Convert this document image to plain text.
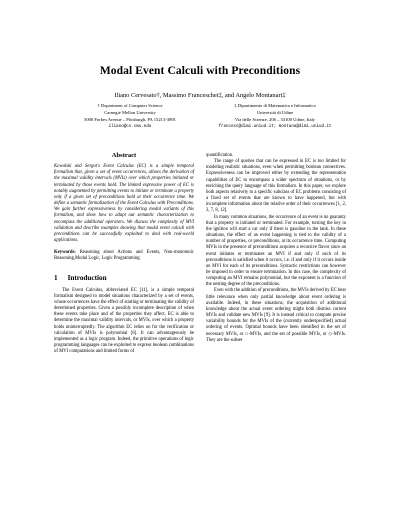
Modal Event Calculi with Preconditions
Iliano Cervesato†, Massimo Franceschet‡, and Angelo Montanari‡
† Department of Computer Science
Carnegie Mellon University
5000 Forbes Avenue – Pittsburgh, PA 15213-3891
iliano@cs.cmu.edu
‡ Dipartimento di Matematica e Informatica
Università di Udine
Via delle Scienze, 206 – 33100 Udine, Italy
francesc@dimi.uniud.it; montana@dimi.uniud.it
Abstract

Kowalski and Sergot's Event Calculus (EC) is a simple temporal formalism that, given a set of event occurrences, allows the derivation of the maximal validity intervals (MVIs) over which properties initiated or terminated by those events hold. The limited expressive power of EC is notably augmented by permitting events to initiate or terminate a property only if a given set of preconditions hold at their occurrence time. We define a semantic formalization of the Event Calculus with Preconditions. We gain further expressiveness by considering modal variants of this formalism, and show how to adapt our semantic characterization to encompass the additional operators. We discuss the complexity of MVI validation and describe examples showing that modal event calculi with preconditions can be successfully exploited to deal with real-world applications.

Keywords: Reasoning about Actions and Events, Non-monotonic Reasoning,Modal Logic, Logic Programming.

1 Introduction

The Event Calculus, abbreviated EC [11], is a simple temporal formalism designed to model situations characterized by a set of events, whose occurrences have the effect of starting or terminating the validity of determined properties. Given a possibly incomplete description of when these events take place and of the properties they affect, EC is able to determine the maximal validity intervals, or MVIs, over which a property holds uninterruptedly. The algorithm EC relies on for the verification or calculation of MVIs is polynomial [6]. It can advantageously be implemented as a logic program. Indeed, the primitive operations of logic programming languages can be exploited to express boolean combinations of MVI computations and limited forms of

quantification.

The range of queries that can be expressed in EC is too limited for modeling realistic situations, even when permitting boolean connectives. Expressiveness can be improved either by extending the representation capabilities of EC to encompass a wider spectrum of situations, or by enriching the query language of this formalism. In this paper, we explore both aspects relatively to a specific subclass of EC problems consisting of a fixed set of events that are known to have happened, but with incomplete information about the relative order of their occurrences [1, 2, 3, 7, 8, 12].

In many common situations, the occurrence of an event is no guaranty that a property is initiated or terminated. For example, turning the key in the ignition will start a car only if there is gasoline in the tank. In these situations, the effect of an event happening is tied to the validity of a number of properties, or preconditions, at its occurrence time. Computing MVIs in the presence of preconditions acquires a recursive flavor since an event initiates or terminates an MVI if and only if each of its preconditions is satisfied when it occurs, i.e. if and only if it occurs inside an MVI for each of its preconditions. Syntactic restrictions can however be imposed in order to ensure termination. In this case, the complexity of computing an MVI remains polynomial, but the exponent is a function of the nesting degree of the preconditions.

Even with the addition of preconditions, the MVIs derived by EC bear little relevance when only partial knowledge about event ordering is available. Indeed, in these situations, the acquisition of additional knowledge about the actual event ordering might both dismiss current MVIs and validate new MVIs [9]. It is instead critical to compute precise variability bounds for the MVIs of the (currently underspecified) actual ordering of events. Optimal bounds have been identified in the set of necessary MVIs, or □-MVIs, and the set of possible MVIs, or ◇-MVIs. They are the subset
